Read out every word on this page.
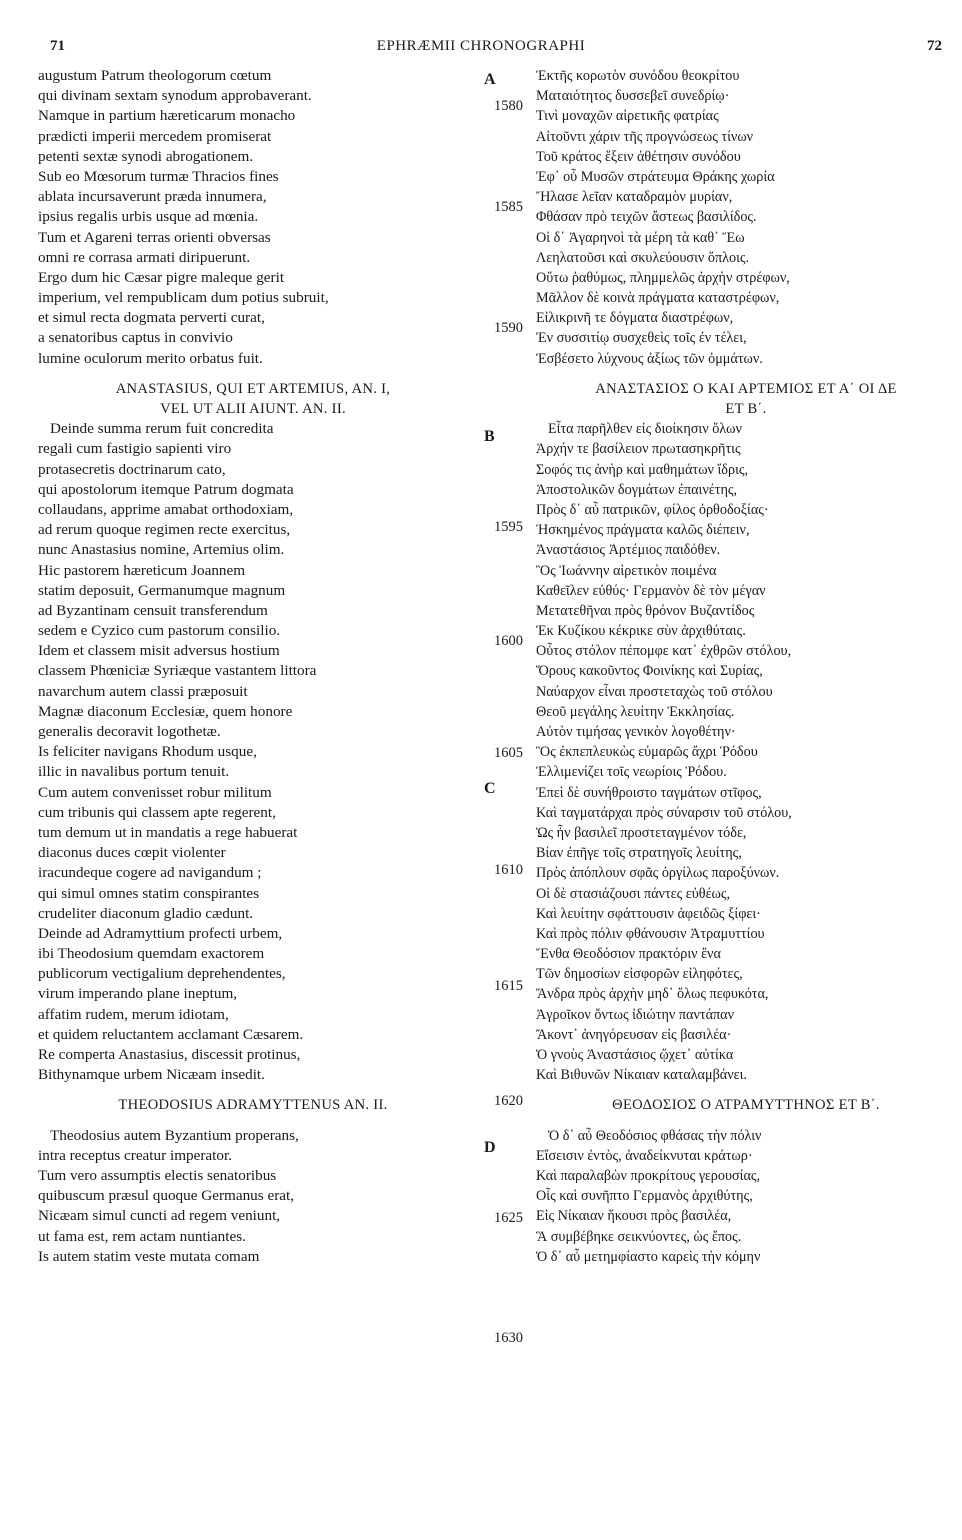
71	EPHRÆMII CHRONOGRAPHI	72
augustum Patrum theologorum cœtum
qui divinam sextam synodum approbaverant.
Namque in partium hæreticarum monacho
prædicti imperii mercedem promiserat
petenti sextæ synodi abrogationem.
Sub eo Mœsorum turmæ Thracios fines
ablata incursaverunt præda innumera,
ipsius regalis urbis usque ad mœnia.
Tum et Agareni terras orienti obversas
omni re corrasa armati diripuerunt.
Ergo dum hic Cæsar pigre maleque gerit
imperium, vel rempublicam dum potius subruit,
et simul recta dogmata perverti curat,
a senatoribus captus in convivio
lumine oculorum merito orbatus fuit.
ANASTASIUS, QUI ET ARTEMIUS, AN. I,
VEL UT ALII AIUNT. AN. II.
Deinde summa rerum fuit concredita
regali cum fastigio sapienti viro
protasecretis doctrinarum cato,
qui apostolorum itemque Patrum dogmata
collaudans, apprime amabat orthodoxiam,
ad rerum quoque regimen recte exercitus,
nunc Anastasius nomine, Artemius olim.
Hic pastorem hæreticum Joannem
statim deposuit, Germanumque magnum
ad Byzantinam censuit transferendum
sedem e Cyzico cum pastorum consilio.
Idem et classem misit adversus hostium
classem Phœniciæ Syriæque vastantem littora
navarchum autem classi præposuit
Magnæ diaconum Ecclesiæ, quem honore
generalis decoravit logothetæ.
Is feliciter navigans Rhodum usque,
illic in navalibus portum tenuit.
Cum autem convenisset robur militum
cum tribunis qui classem apte regerent,
tum demum ut in mandatis a rege habuerat
diaconus duces cœpit violenter
iracundeque cogere ad navigandum ;
qui simul omnes statim conspirantes
crudeliter diaconum gladio cædunt.
Deinde ad Adramyttium profecti urbem,
ibi Theodosium quemdam exactorem
publicorum vectigalium deprehendentes,
virum imperando plane ineptum,
affatim rudem, merum idiotam,
et quidem reluctantem acclamant Cæsarem.
Re comperta Anastasius, discessit protinus,
Bithynamque urbem Nicæam insedit.
THEODOSIUS ADRAMYTTENUS AN. II.
Theodosius autem Byzantium properans,
intra receptus creatur imperator.
Tum vero assumptis electis senatoribus
quibuscum præsul quoque Germanus erat,
Nicæam simul cuncti ad regem veniunt,
ut fama est, rem actam nuntiantes.
Is autem statim veste mutata comam
Ἐκτῆς κορωτὸν συνόδου θεοκρίτου
Ματαιότητος δυσσεβεῖ συνεδρίῳ·
Τινὶ μοναχῶν αἱρετικῆς φατρίας
Αἰτοῦντι χάριν τῆς προγνώσεως τίνων
Τοῦ κράτος ἕξειν ἀθέτησιν συνόδου
Ἐφ᾽ οὗ Μυσῶν στράτευμα Θράκης χωρία
Ἤλασε λεῖαν καταδραμὸν μυρίαν,
Φθάσαν πρὸ τειχῶν ἄστεως βασιλίδος.
Οἱ δ᾽ Ἀγαρηνοὶ τὰ μέρη τὰ καθ᾽ Ἕω
Λεηλατοῦσι καὶ σκυλεύουσιν ὅπλοις.
Οὕτω ῥαθύμως, πλημμελῶς ἀρχὴν στρέφων,
Μᾶλλον δὲ κοινὰ πράγματα καταστρέφων,
Εἰλικρινῆ τε δόγματα διαστρέφων,
Ἐν συσσιτίῳ συσχεθεὶς τοῖς ἐν τέλει,
Ἐσβέσετο λύχνους ἀξίως τῶν ὀμμάτων.
ΑΝΑΣΤΑΣΙΟΣ Ο ΚΑΙ ΑΡΤΕΜΙΟΣ ΕΤ Α΄ ΟΙ ΔΕ
ΕΤ Β΄.
Εἶτα παρῆλθεν εἰς διοίκησιν ὅλων
Ἀρχήν τε βασίλειον πρωτασηκρῆτις
Σοφός τις ἀνὴρ καὶ μαθημάτων ἴδρις,
Ἀποστολικῶν δογμάτων ἐπαινέτης,
Πρὸς δ᾽ αὖ πατρικῶν, φίλος ὀρθοδοξίας·
Ἠσκημένος πράγματα καλῶς διέπειν,
Ἀναστάσιος Ἀρτέμιος παιδόθεν.
Ὃς Ἰωάννην αἱρετικὸν ποιμένα
Καθεῖλεν εὐθύς· Γερμανὸν δὲ τὸν μέγαν
Μετατεθῆναι πρὸς θρόνον Βυζαντίδος
Ἐκ Κυζίκου κέκρικε σὺν ἀρχιθύταις.
Οὗτος στόλον πέπομφε κατ᾽ ἐχθρῶν στόλου,
Ὅρους κακοῦντος Φοινίκης καὶ Συρίας,
Ναύαρχον εἶναι προστεταχὼς τοῦ στόλου
Θεοῦ μεγάλης λευίτην Ἐκκλησίας.
Αὐτὸν τιμήσας γενικὸν λογοθέτην·
Ὃς ἐκπεπλευκὼς εὐμαρῶς ἄχρι Ῥόδου
Ἐλλιμενίζει τοῖς νεωρίοις Ῥόδου.
Ἐπεὶ δὲ συνήθροιστο ταγμάτων στῖφος,
Καὶ ταγματάρχαι πρὸς σύναρσιν τοῦ στόλου,
Ὡς ἦν βασιλεῖ προστεταγμένον τόδε,
Βίαν ἐπῆγε τοῖς στρατηγοῖς λευίτης,
Πρὸς ἀπόπλουν σφᾶς ὀργίλως παροξύνων.
Οἱ δὲ στασιάζουσι πάντες εὐθέως,
Καὶ λευίτην σφάττουσιν ἀφειδῶς ξίφει·
Καὶ πρὸς πόλιν φθάνουσιν Ἀτραμυττίου
Ἔνθα Θεοδόσιον πρακτόριν ἕνα
Τῶν δημοσίων εἰσφορῶν εἰληφότες,
Ἄνδρα πρὸς ἀρχὴν μηδ᾽ ὅλως πεφυκότα,
Ἀγροῖκον ὄντως ἰδιώτην παντάπαν
Ἄκοντ᾽ ἀνηγόρευσαν εἰς βασιλέα·
Ὁ γνοὺς Ἀναστάσιος ᾤχετ᾽ αὐτίκα
Καὶ Βιθυνῶν Νίκαιαν καταλαμβάνει.
ΘΕΟΔΟΣΙΟΣ Ο ΑΤΡΑΜΥΤΤΗΝΟΣ ΕΤ Β΄.
Ὁ δ᾽ αὖ Θεοδόσιος φθάσας τὴν πόλιν
Εἴσεισιν ἐντὸς, ἀναδείκνυται κράτωρ·
Καὶ παραλαβὼν προκρίτους γερουσίας,
Οἷς καὶ συνῆπτο Γερμανὸς ἀρχιθύτης,
Εἰς Νίκαιαν ἥκουσι πρὸς βασιλέα,
Ἃ συμβέβηκε σεικνύοντες, ὡς ἔπος.
Ὁ δ᾽ αὖ μετημφίαστο καρεὶς τὴν κόμην
1580
1585
1590
1595
1600
1605
1610
1615
1620
1625
1630
A
B
C
D
